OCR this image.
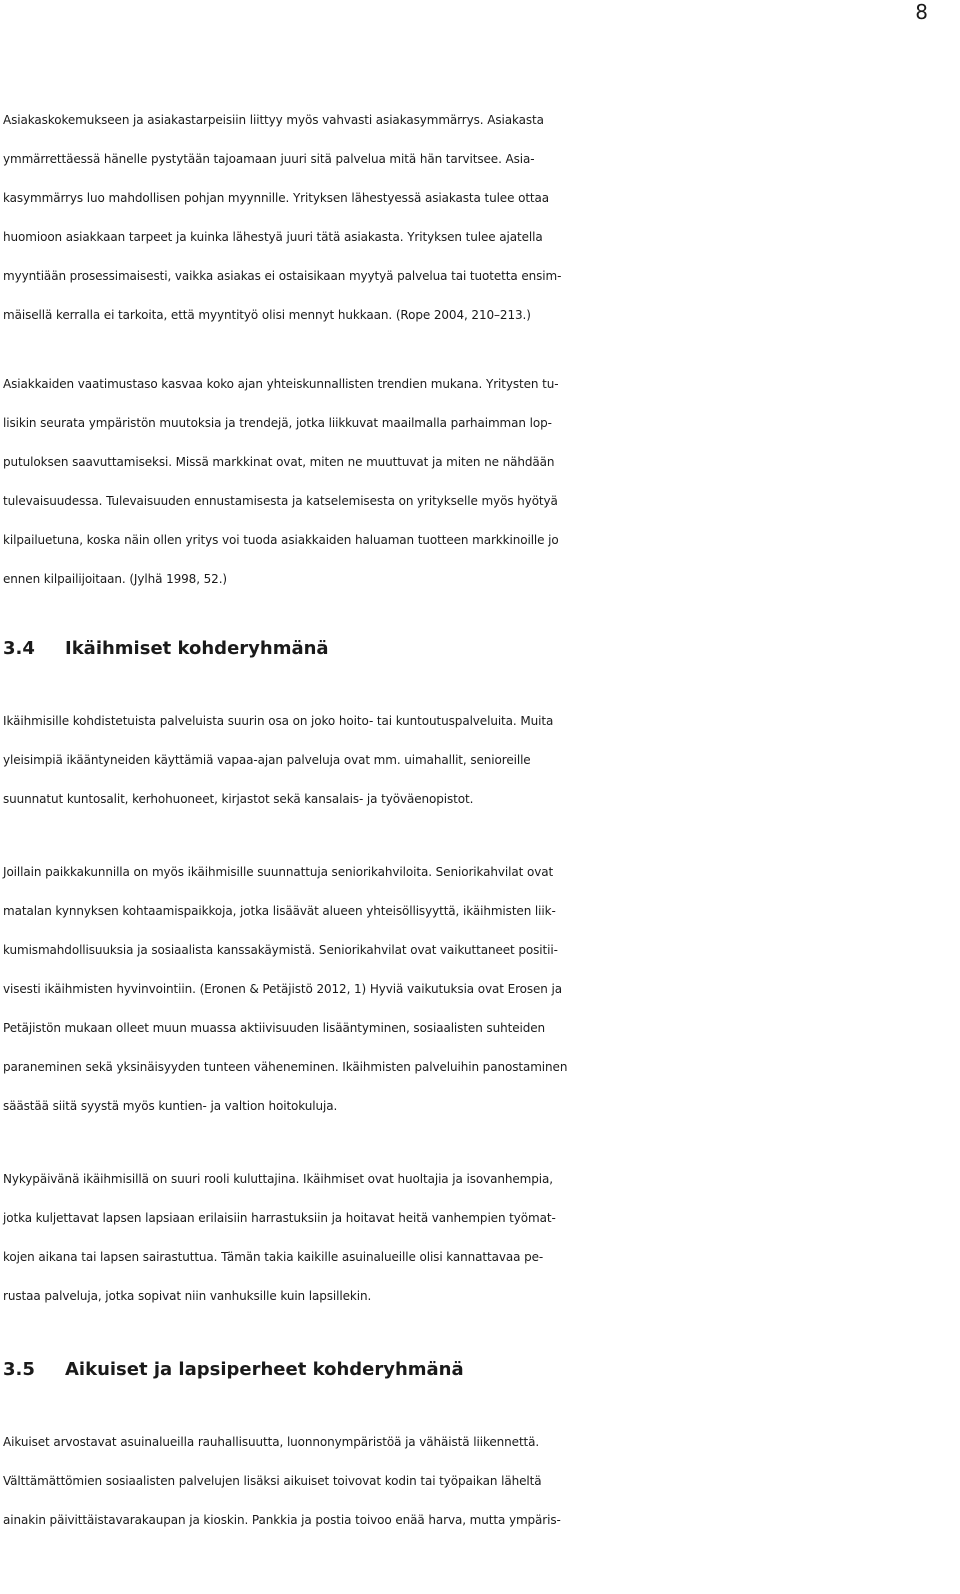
8

Asiakaskokemukseen ja asiakastarpeisiin liittyy myös vahvasti asiakasymmärrys. Asiakasta

ymmärrettäessä hänelle pystytään tajoamaan juuri sitä palvelua mitä hän tarvitsee. Asia-

kasymmärrys luo mahdollisen pohjan myynnille. Yrityksen lähestyessä asiakasta tulee ottaa

huomioon asiakkaan tarpeet ja kuinka lähestyä juuri tätä asiakasta. Yrityksen tulee ajatella

myyntiään prosessimaisesti, vaikka asiakas ei ostaisikaan myytyä palvelua tai tuotetta ensim-

mäisellä kerralla ei tarkoita, että myyntityö olisi mennyt hukkaan. (Rope 2004, 210–213.)

Asiakkaiden vaatimustaso kasvaa koko ajan yhteiskunnallisten trendien mukana. Yritysten tu-

lisikin seurata ympäristön muutoksia ja trendejä, jotka liikkuvat maailmalla parhaimman lop-

putuloksen saavuttamiseksi. Missä markkinat ovat, miten ne muuttuvat ja miten ne nähdään

tulevaisuudessa. Tulevaisuuden ennustamisesta ja katselemisesta on yritykselle myös hyötyä

kilpailuetuna, koska näin ollen yritys voi tuoda asiakkaiden haluaman tuotteen markkinoille jo

ennen kilpailijoitaan. (Jylhä 1998, 52.)

3.4 Ikäihmiset kohderyhmänä

Ikäihmisille kohdistetuista palveluista suurin osa on joko hoito- tai kuntoutuspalveluita. Muita

yleisimpiä ikääntyneiden käyttämiä vapaa-ajan palveluja ovat mm. uimahallit, senioreille

suunnatut kuntosalit, kerhohuoneet, kirjastot sekä kansalais- ja työväenopistot.

Joillain paikkakunnilla on myös ikäihmisille suunnattuja seniorikahviloita. Seniorikahvilat ovat

matalan kynnyksen kohtaamispaikkoja, jotka lisäävät alueen yhteisöllisyyttä, ikäihmisten liik-

kumismahdollisuuksia ja sosiaalista kanssakäymistä. Seniorikahvilat ovat vaikuttaneet positii-

visesti ikäihmisten hyvinvointiin. (Eronen & Petäjistö 2012, 1) Hyviä vaikutuksia ovat Erosen ja

Petäjistön mukaan olleet muun muassa aktiivisuuden lisääntyminen, sosiaalisten suhteiden

paraneminen sekä yksinäisyyden tunteen väheneminen. Ikäihmisten palveluihin panostaminen

säästää siitä syystä myös kuntien- ja valtion hoitokuluja.

Nykypäivänä ikäihmisillä on suuri rooli kuluttajina. Ikäihmiset ovat huoltajia ja isovanhempia,

jotka kuljettavat lapsen lapsiaan erilaisiin harrastuksiin ja hoitavat heitä vanhempien työmat-

kojen aikana tai lapsen sairastuttua. Tämän takia kaikille asuinalueille olisi kannattavaa pe-

rustaa palveluja, jotka sopivat niin vanhuksille kuin lapsillekin.

3.5 Aikuiset ja lapsiperheet kohderyhmänä

Aikuiset arvostavat asuinalueilla rauhallisuutta, luonnonympäristöä ja vähäistä liikennettä.

Välttämättömien sosiaalisten palvelujen lisäksi aikuiset toivovat kodin tai työpaikan läheltä

ainakin päivittäistavarakaupan ja kioskin. Pankkia ja postia toivoo enää harva, mutta ympäris-
